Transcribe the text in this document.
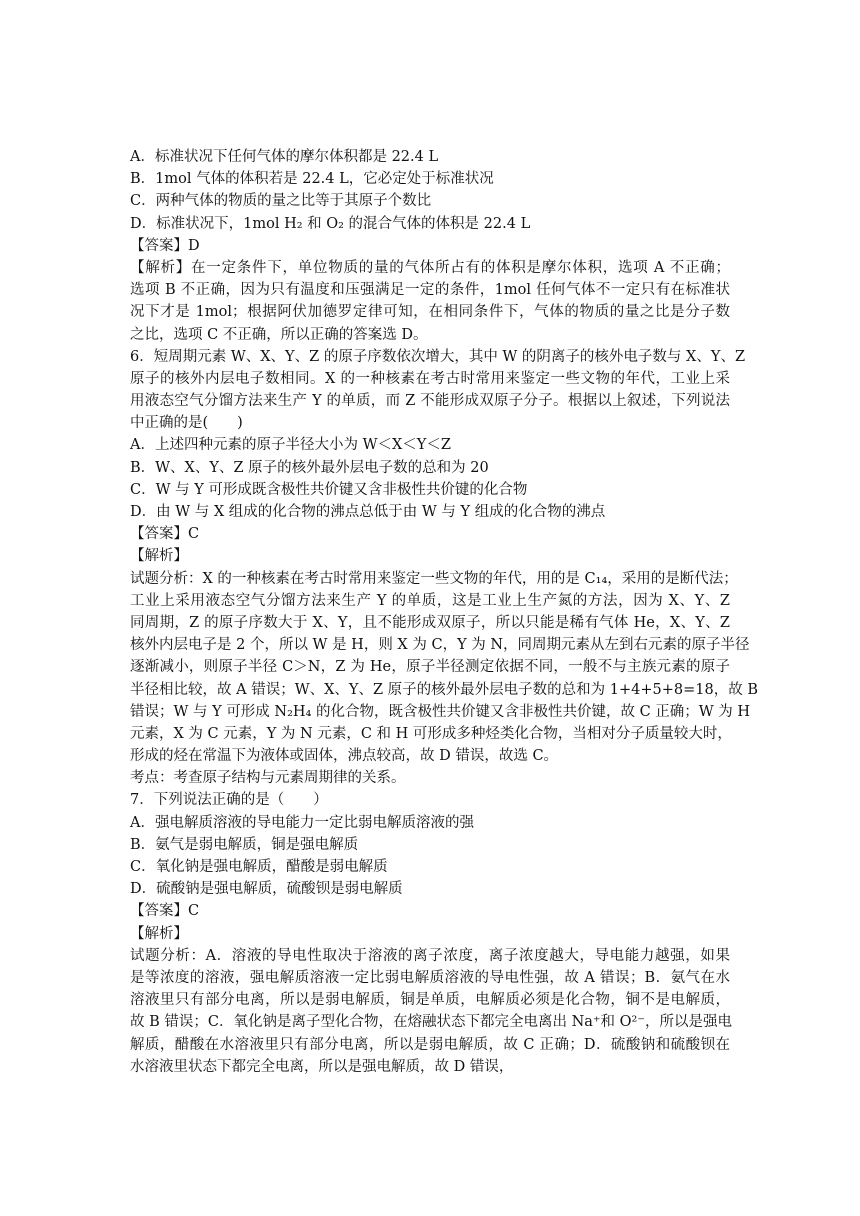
A．标准状况下任何气体的摩尔体积都是 22.4 L
B．1mol 气体的体积若是 22.4 L，它必定处于标准状况
C．两种气体的物质的量之比等于其原子个数比
D．标准状况下，1mol H₂ 和 O₂ 的混合气体的体积是 22.4 L
【答案】D
【解析】在一定条件下，单位物质的量的气体所占有的体积是摩尔体积，选项 A 不正确；
选项 B 不正确，因为只有温度和压强满足一定的条件，1mol 任何气体不一定只有在标准状
况下才是 1mol；根据阿伏加德罗定律可知，在相同条件下，气体的物质的量之比是分子数
之比，选项 C 不正确，所以正确的答案选 D。
6．短周期元素 W、X、Y、Z 的原子序数依次增大，其中 W 的阴离子的核外电子数与 X、Y、Z
原子的核外内层电子数相同。X 的一种核素在考古时常用来鉴定一些文物的年代，工业上采
用液态空气分馏方法来生产 Y 的单质，而 Z 不能形成双原子分子。根据以上叙述，下列说法
中正确的是(　　)
A．上述四种元素的原子半径大小为 W＜X＜Y＜Z
B．W、X、Y、Z 原子的核外最外层电子数的总和为 20
C．W 与 Y 可形成既含极性共价键又含非极性共价键的化合物
D．由 W 与 X 组成的化合物的沸点总低于由 W 与 Y 组成的化合物的沸点
【答案】C
【解析】
试题分析：X 的一种核素在考古时常用来鉴定一些文物的年代，用的是 C₁₄，采用的是断代法；
工业上采用液态空气分馏方法来生产 Y 的单质，这是工业上生产氮的方法，因为 X、Y、Z
同周期，Z 的原子序数大于 X、Y，且不能形成双原子，所以只能是稀有气体 He，X、Y、Z
核外内层电子是 2 个，所以 W 是 H，则 X 为 C，Y 为 N，同周期元素从左到右元素的原子半径
逐渐减小，则原子半径 C＞N，Z 为 He，原子半径测定依据不同，一般不与主族元素的原子
半径相比较，故 A 错误；W、X、Y、Z 原子的核外最外层电子数的总和为 1+4+5+8=18，故 B
错误；W 与 Y 可形成 N₂H₄ 的化合物，既含极性共价键又含非极性共价键，故 C 正确；W 为 H
元素，X 为 C 元素，Y 为 N 元素，C 和 H 可形成多种烃类化合物，当相对分子质量较大时，
形成的烃在常温下为液体或固体，沸点较高，故 D 错误，故选 C。
考点：考查原子结构与元素周期律的关系。
7．下列说法正确的是（　　）
A．强电解质溶液的导电能力一定比弱电解质溶液的强
B．氨气是弱电解质，铜是强电解质
C．氧化钠是强电解质，醋酸是弱电解质
D．硫酸钠是强电解质，硫酸钡是弱电解质
【答案】C
【解析】
试题分析：A．溶液的导电性取决于溶液的离子浓度，离子浓度越大，导电能力越强，如果
是等浓度的溶液，强电解质溶液一定比弱电解质溶液的导电性强，故 A 错误；B．氨气在水
溶液里只有部分电离，所以是弱电解质，铜是单质，电解质必须是化合物，铜不是电解质，
故 B 错误；C．氧化钠是离子型化合物，在熔融状态下都完全电离出 Na⁺和 O²⁻，所以是强电
解质，醋酸在水溶液里只有部分电离，所以是弱电解质，故 C 正确；D．硫酸钠和硫酸钡在
水溶液里状态下都完全电离，所以是强电解质，故 D 错误，
